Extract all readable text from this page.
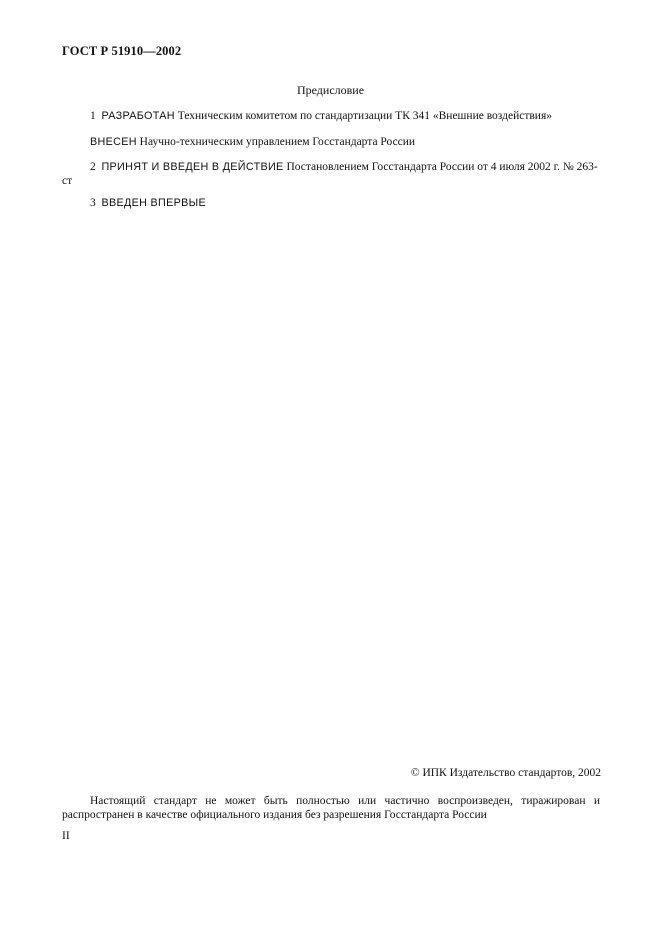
ГОСТ Р 51910—2002
Предисловие
1 РАЗРАБОТАН Техническим комитетом по стандартизации ТК 341 «Внешние воздействия»
ВНЕСЕН Научно-техническим управлением Госстандарта России
2 ПРИНЯТ И ВВЕДЕН В ДЕЙСТВИЕ Постановлением Госстандарта России от 4 июля 2002 г. № 263-ст
3 ВВЕДЕН ВПЕРВЫЕ
© ИПК Издательство стандартов, 2002
Настоящий стандарт не может быть полностью или частично воспроизведен, тиражирован и распространен в качестве официального издания без разрешения Госстандарта России
II
